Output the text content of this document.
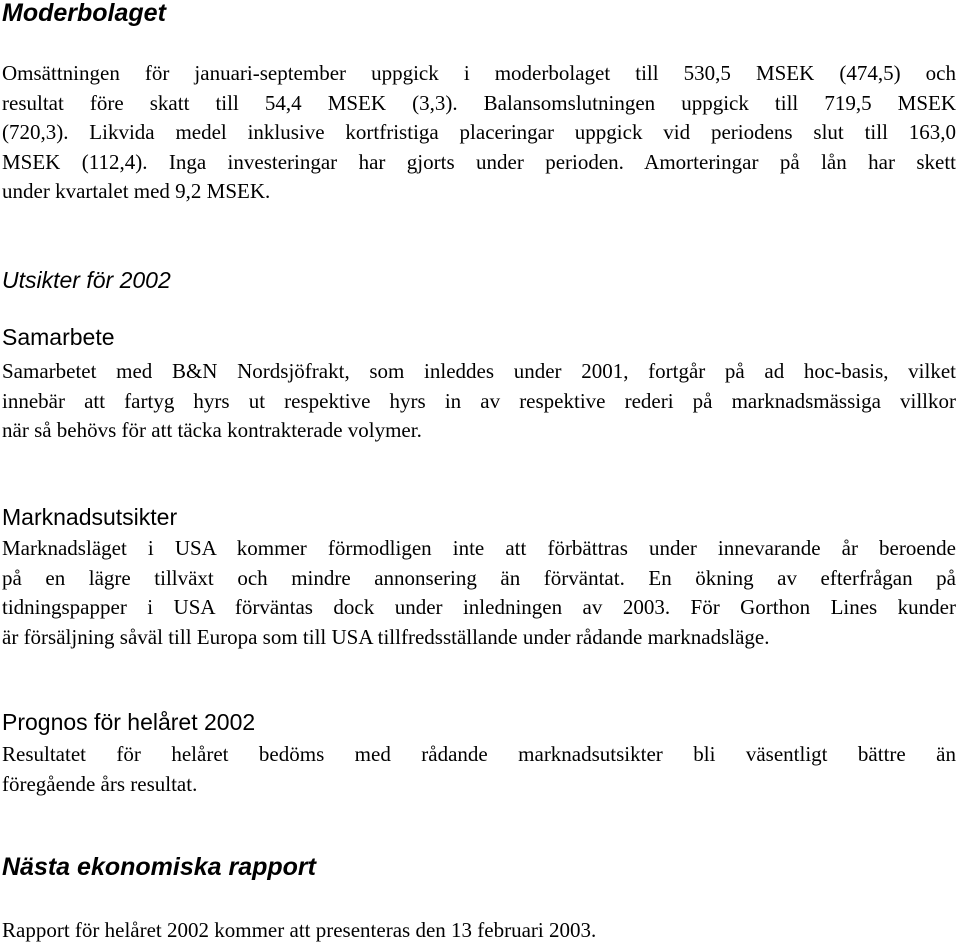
Moderbolaget

Omsättningen för januari-september uppgick i moderbolaget till 530,5 MSEK (474,5) och
resultat före skatt till 54,4 MSEK (3,3). Balansomslutningen uppgick till 719,5 MSEK
(720,3). Likvida medel inklusive kortfristiga placeringar uppgick vid periodens slut till 163,0
MSEK (112,4). Inga investeringar har gjorts under perioden. Amorteringar på lån har skett
under kvartalet med 9,2 MSEK.

Utsikter för 2002
Samarbete

Samarbetet med B&N Nordsjöfrakt, som inleddes under 2001, fortgår på ad hoc-basis, vilket
innebär att fartyg hyrs ut respektive hyrs in av respektive rederi på marknadsmässiga villkor
när så behövs för att täcka kontrakterade volymer.

Marknadsutsikter

Marknadsläget i USA kommer förmodligen inte att förbättras under innevarande år beroende
på en lägre tillväxt och mindre annonsering än förväntat. En ökning av efterfrågan på
tidningspapper i USA förväntas dock under inledningen av 2003. För Gorthon Lines kunder
är försäljning såväl till Europa som till USA tillfredsställande under rådande marknadsläge.

Prognos för helåret 2002

Resultatet för helåret bedöms med rådande marknadsutsikter bli väsentligt bättre än
föregående års resultat.

Nästa ekonomiska rapport

Rapport för helåret 2002 kommer att presenteras den 13 februari 2003.
